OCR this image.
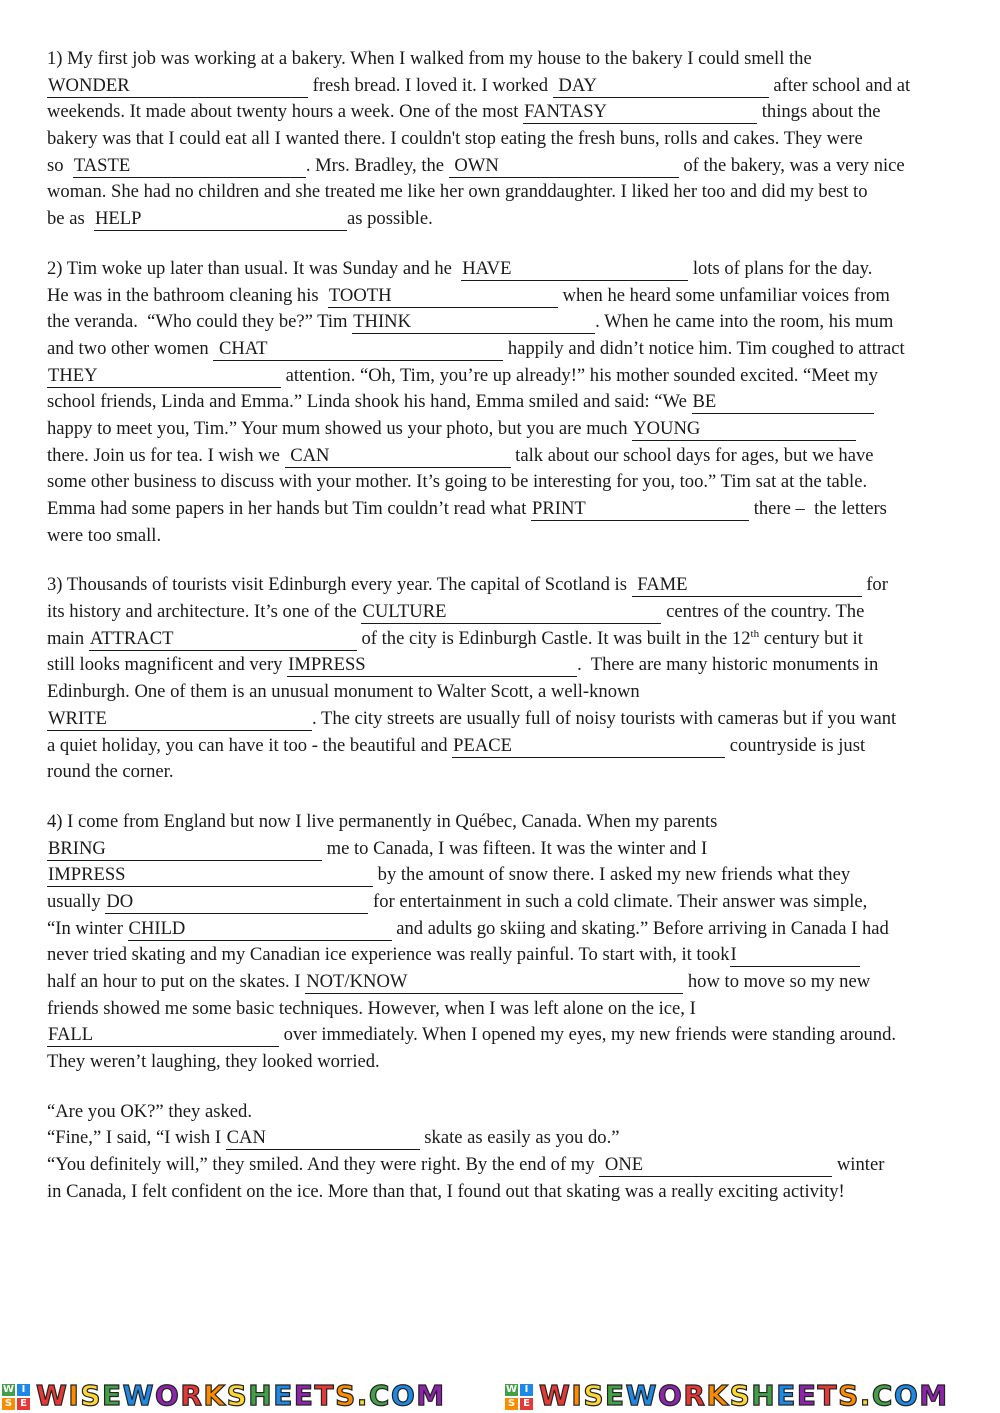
1) My first job was working at a bakery. When I walked from my house to the bakery I could smell the
WONDER	fresh bread. I loved it. I worked  DAY	after school and at
weekends. It made about twenty hours a week. One of the most FANTASY	things about the
bakery was that I could eat all I wanted there. I couldn't stop eating the fresh buns, rolls and cakes. They were
so  TASTE	. Mrs. Bradley, the  OWN	of the bakery, was a very nice
woman. She had no children and she treated me like her own granddaughter. I liked her too and did my best to
be as  HELP	as possible.
2) Tim woke up later than usual. It was Sunday and he  HAVE	lots of plans for the day.
He was in the bathroom cleaning his  TOOTH	when he heard some unfamiliar voices from
the veranda.  “Who could they be?” Tim THINK	. When he came into the room, his mum
and two other women  CHAT	happily and didn’t notice him. Tim coughed to attract
THEY	attention. “Oh, Tim, you’re up already!” his mother sounded excited. “Meet my
school friends, Linda and Emma.” Linda shook his hand, Emma smiled and said: “We BE
happy to meet you, Tim.” Your mum showed us your photo, but you are much YOUNG
there. Join us for tea. I wish we  CAN	talk about our school days for ages, but we have
some other business to discuss with your mother. It’s going to be interesting for you, too.” Tim sat at the table.
Emma had some papers in her hands but Tim couldn’t read what PRINT	there –  the letters
were too small.
3) Thousands of tourists visit Edinburgh every year. The capital of Scotland is  FAME	for
its history and architecture. It’s one of the CULTURE	centres of the country. The
main ATTRACT	of the city is Edinburgh Castle. It was built in the 12th century but it
still looks magnificent and very IMPRESS	.  There are many historic monuments in
Edinburgh. One of them is an unusual monument to Walter Scott, a well-known
WRITE	. The city streets are usually full of noisy tourists with cameras but if you want
a quiet holiday, you can have it too - the beautiful and PEACE	countryside is just
round the corner.
4) I come from England but now I live permanently in Québec, Canada. When my parents
BRING	me to Canada, I was fifteen. It was the winter and I
IMPRESS	by the amount of snow there. I asked my new friends what they
usually DO	for entertainment in such a cold climate. Their answer was simple,
“In winter CHILD	and adults go skiing and skating.” Before arriving in Canada I had
never tried skating and my Canadian ice experience was really painful. To start with, it tookI
half an hour to put on the skates. I NOT/KNOW	how to move so my new
friends showed me some basic techniques. However, when I was left alone on the ice, I
FALL	over immediately. When I opened my eyes, my new friends were standing around.
They weren’t laughing, they looked worried.
“Are you OK?” they asked.
“Fine,” I said, “I wish I CAN	skate as easily as you do.”
“You definitely will,” they smiled. And they were right. By the end of my  ONE	winter
in Canada, I felt confident on the ice. More than that, I found out that skating was a really exciting activity!
W I
S E WISEWORKSHEETS.COM	W I
S E WISEWORKSHEETS.COM
